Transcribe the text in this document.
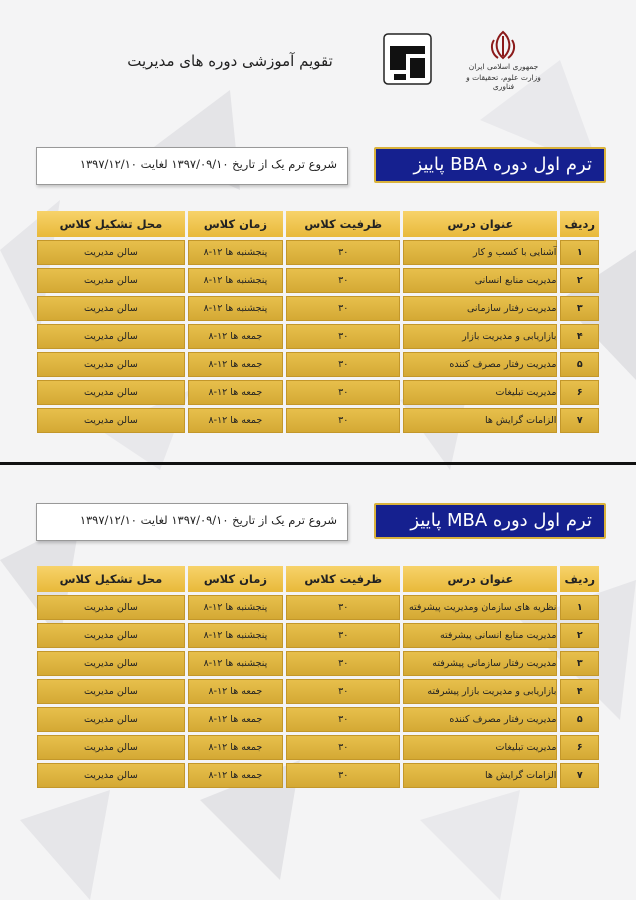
تقویم آموزشی دوره های مدیریت	جمهوری اسلامی ایران
وزارت علوم، تحقیقات و فناوری
ترم اول دوره BBA پاییز
شروع ترم یک از تاریخ ۱۳۹۷/۰۹/۱۰ لغایت ۱۳۹۷/۱۲/۱۰
ردیف	عنوان درس	ظرفیت کلاس	زمان کلاس	محل تشکیل کلاس
۱	آشنایی با کسب و کار	۳۰	پنجشنبه ها ۱۲-۸	سالن مدیریت
۲	مدیریت منابع انسانی	۳۰	پنجشنبه ها ۱۲-۸	سالن مدیریت
۳	مدیریت رفتار سازمانی	۳۰	پنجشنبه ها ۱۲-۸	سالن مدیریت
۴	بازاریابی و مدیریت بازار	۳۰	جمعه ها ۱۲-۸	سالن مدیریت
۵	مدیریت رفتار مصرف کننده	۳۰	جمعه ها ۱۲-۸	سالن مدیریت
۶	مدیریت تبلیغات	۳۰	جمعه ها ۱۲-۸	سالن مدیریت
۷	الزامات گرایش ها	۳۰	جمعه ها ۱۲-۸	سالن مدیریت
ترم اول دوره MBA پاییز
شروع ترم یک از تاریخ ۱۳۹۷/۰۹/۱۰ لغایت ۱۳۹۷/۱۲/۱۰
ردیف	عنوان درس	ظرفیت کلاس	زمان کلاس	محل تشکیل کلاس
۱	نظریه های سازمان ومدیریت پیشرفته	۳۰	پنجشنبه ها ۱۲-۸	سالن مدیریت
۲	مدیریت منابع انسانی پیشرفته	۳۰	پنجشنبه ها ۱۲-۸	سالن مدیریت
۳	مدیریت رفتار سازمانی پیشرفته	۳۰	پنجشنبه ها ۱۲-۸	سالن مدیریت
۴	بازاریابی و مدیریت بازار پیشرفته	۳۰	جمعه ها ۱۲-۸	سالن مدیریت
۵	مدیریت رفتار مصرف کننده	۳۰	جمعه ها ۱۲-۸	سالن مدیریت
۶	مدیریت تبلیغات	۳۰	جمعه ها ۱۲-۸	سالن مدیریت
۷	الزامات گرایش ها	۳۰	جمعه ها ۱۲-۸	سالن مدیریت
